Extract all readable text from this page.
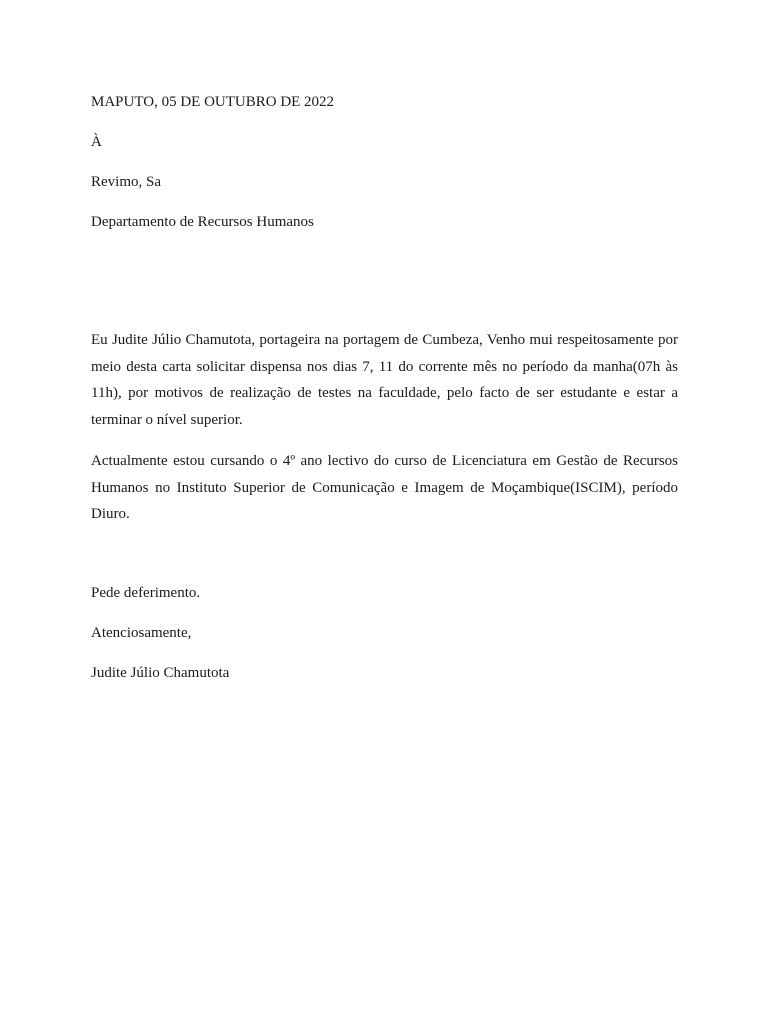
MAPUTO, 05 DE OUTUBRO DE 2022
À
Revimo, Sa
Departamento de Recursos Humanos

Eu Judite Júlio Chamutota, portageira na portagem de Cumbeza, Venho mui respeitosamente por meio desta carta solicitar dispensa nos dias 7, 11 do corrente mês no período da manha(07h às 11h), por motivos de realização de testes na faculdade, pelo facto de ser estudante e estar a terminar o nível superior.

Actualmente estou cursando o 4º ano lectivo do curso de Licenciatura em Gestão de Recursos Humanos no Instituto Superior de Comunicação e Imagem de Moçambique(ISCIM), período Diuro.

Pede deferimento.
Atenciosamente,
Judite Júlio Chamutota
